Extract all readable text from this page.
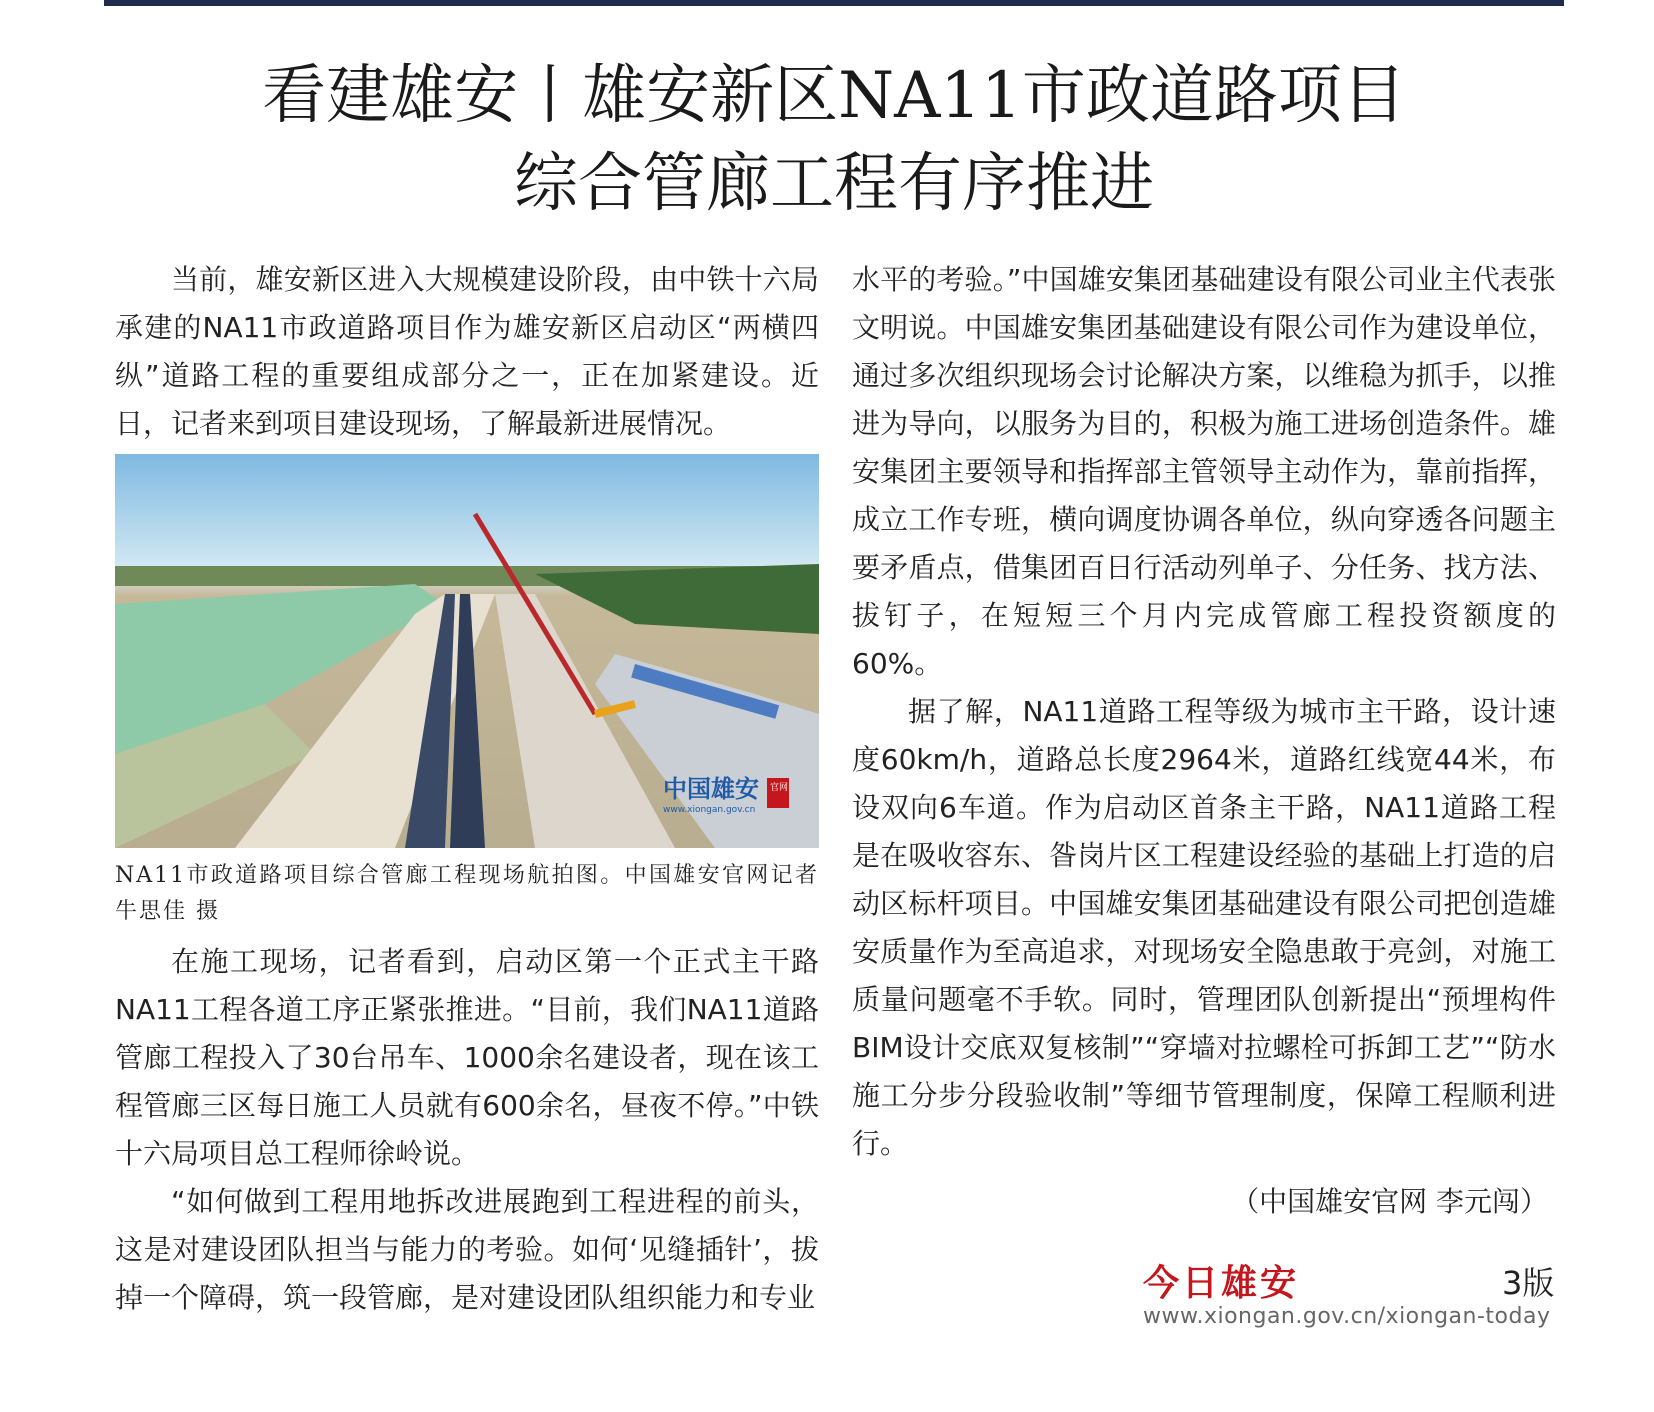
看建雄安丨雄安新区NA11市政道路项目
综合管廊工程有序推进

当前，雄安新区进入大规模建设阶段，由中铁十六局承建的NA11市政道路项目作为雄安新区启动区“两横四纵”道路工程的重要组成部分之一，正在加紧建设。近日，记者来到项目建设现场，了解最新进展情况。

中国雄安
www.xiongan.gov.cn
官网

NA11市政道路项目综合管廊工程现场航拍图。中国雄安官网记者牛思佳 摄

在施工现场，记者看到，启动区第一个正式主干路NA11工程各道工序正紧张推进。“目前，我们NA11道路管廊工程投入了30台吊车、1000余名建设者，现在该工程管廊三区每日施工人员就有600余名，昼夜不停。”中铁十六局项目总工程师徐岭说。

“如何做到工程用地拆改进展跑到工程进程的前头，这是对建设团队担当与能力的考验。如何‘见缝插针’，拔掉一个障碍，筑一段管廊，是对建设团队组织能力和专业

水平的考验。”中国雄安集团基础建设有限公司业主代表张文明说。中国雄安集团基础建设有限公司作为建设单位，通过多次组织现场会讨论解决方案，以维稳为抓手，以推进为导向，以服务为目的，积极为施工进场创造条件。雄安集团主要领导和指挥部主管领导主动作为，靠前指挥，成立工作专班，横向调度协调各单位，纵向穿透各问题主要矛盾点，借集团百日行活动列单子、分任务、找方法、拔钉子，在短短三个月内完成管廊工程投资额度的60%。

据了解，NA11道路工程等级为城市主干路，设计速度60km/h，道路总长度2964米，道路红线宽44米，布设双向6车道。作为启动区首条主干路，NA11道路工程是在吸收容东、昝岗片区工程建设经验的基础上打造的启动区标杆项目。中国雄安集团基础建设有限公司把创造雄安质量作为至高追求，对现场安全隐患敢于亮剑，对施工质量问题毫不手软。同时，管理团队创新提出“预埋构件BIM设计交底双复核制”“穿墙对拉螺栓可拆卸工艺”“防水施工分步分段验收制”等细节管理制度，保障工程顺利进行。

（中国雄安官网 李元闯）
今日雄安	3版
www.xiongan.gov.cn/xiongan-today
